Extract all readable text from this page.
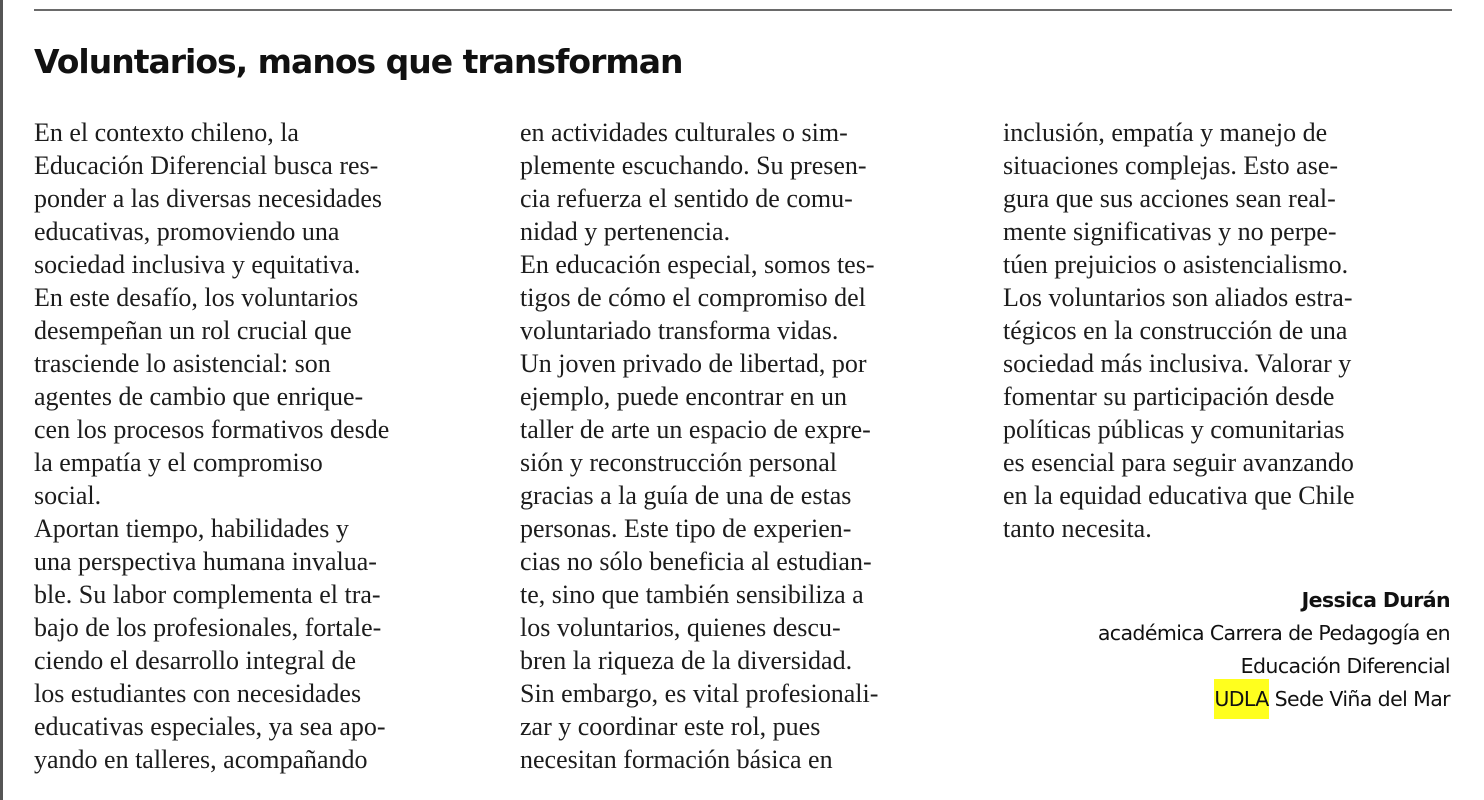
Voluntarios, manos que transforman
En el contexto chileno, la
Educación Diferencial busca res-
ponder a las diversas necesidades
educativas, promoviendo una
sociedad inclusiva y equitativa.
En este desafío, los voluntarios
desempeñan un rol crucial que
trasciende lo asistencial: son
agentes de cambio que enrique-
cen los procesos formativos desde
la empatía y el compromiso
social.
Aportan tiempo, habilidades y
una perspectiva humana invalua-
ble. Su labor complementa el tra-
bajo de los profesionales, fortale-
ciendo el desarrollo integral de
los estudiantes con necesidades
educativas especiales, ya sea apo-
yando en talleres, acompañando
en actividades culturales o sim-
plemente escuchando. Su presen-
cia refuerza el sentido de comu-
nidad y pertenencia.
En educación especial, somos tes-
tigos de cómo el compromiso del
voluntariado transforma vidas.
Un joven privado de libertad, por
ejemplo, puede encontrar en un
taller de arte un espacio de expre-
sión y reconstrucción personal
gracias a la guía de una de estas
personas. Este tipo de experien-
cias no sólo beneficia al estudian-
te, sino que también sensibiliza a
los voluntarios, quienes descu-
bren la riqueza de la diversidad.
Sin embargo, es vital profesionali-
zar y coordinar este rol, pues
necesitan formación básica en
inclusión, empatía y manejo de
situaciones complejas. Esto ase-
gura que sus acciones sean real-
mente significativas y no perpe-
túen prejuicios o asistencialismo.
Los voluntarios son aliados estra-
tégicos en la construcción de una
sociedad más inclusiva. Valorar y
fomentar su participación desde
políticas públicas y comunitarias
es esencial para seguir avanzando
en la equidad educativa que Chile
tanto necesita.
Jessica Durán
académica Carrera de Pedagogía en
Educación Diferencial
UDLA Sede Viña del Mar
